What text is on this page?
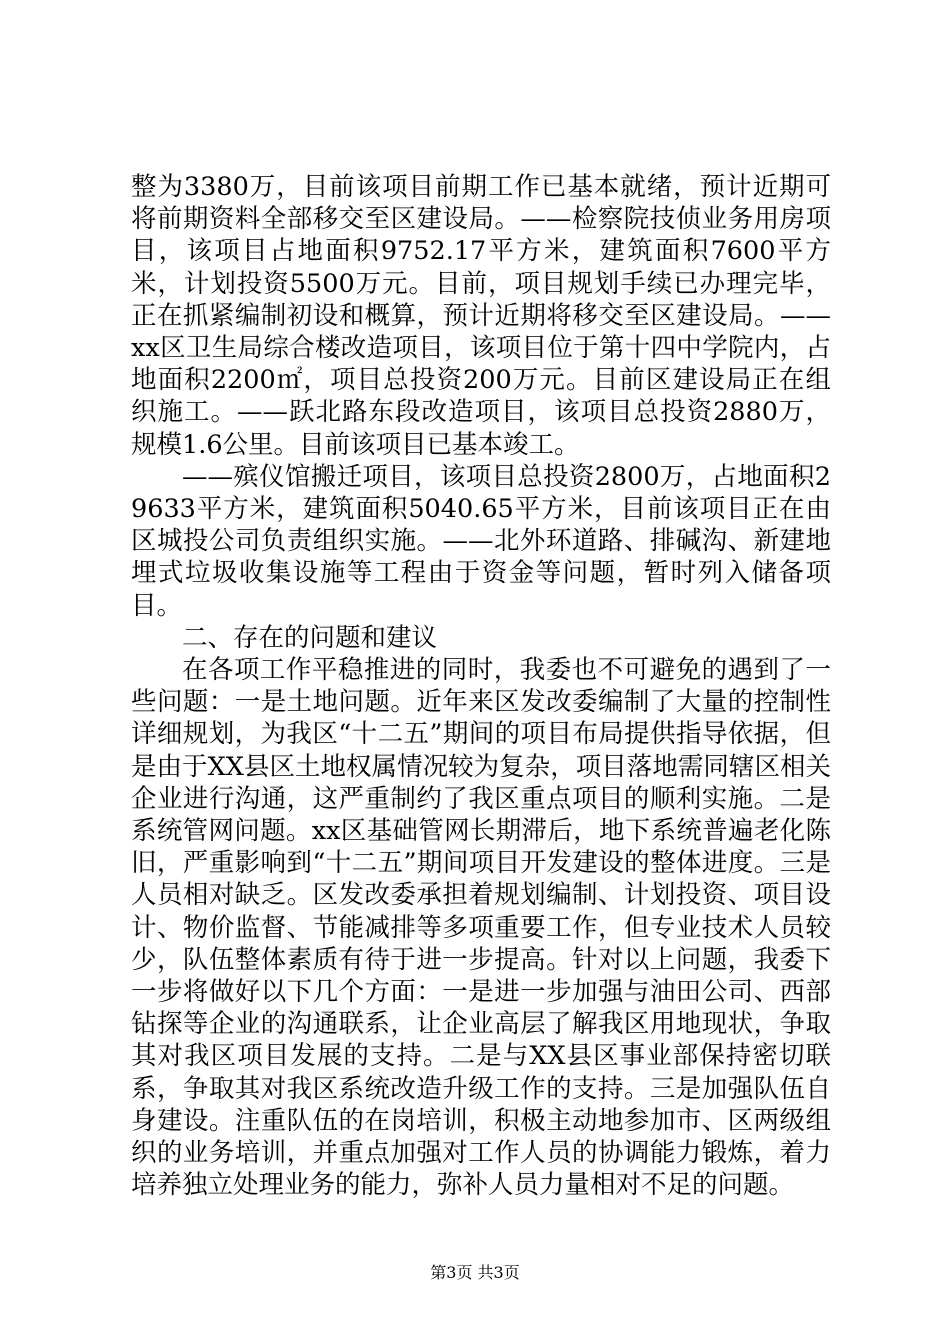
整为3380万，目前该项目前期工作已基本就绪，预计近期可将前期资料全部移交至区建设局。——检察院技侦业务用房项目，该项目占地面积9752.17平方米，建筑面积7600平方米，计划投资5500万元。目前，项目规划手续已办理完毕，正在抓紧编制初设和概算，预计近期将移交至区建设局。——xx区卫生局综合楼改造项目，该项目位于第十四中学院内，占地面积2200㎡，项目总投资200万元。目前区建设局正在组织施工。——跃北路东段改造项目，该项目总投资2880万，规模1.6公里。目前该项目已基本竣工。

——殡仪馆搬迁项目，该项目总投资2800万，占地面积29633平方米，建筑面积5040.65平方米，目前该项目正在由区城投公司负责组织实施。——北外环道路、排碱沟、新建地埋式垃圾收集设施等工程由于资金等问题，暂时列入储备项目。

二、存在的问题和建议

在各项工作平稳推进的同时，我委也不可避免的遇到了一些问题：一是土地问题。近年来区发改委编制了大量的控制性详细规划，为我区“十二五”期间的项目布局提供指导依据，但是由于XX县区土地权属情况较为复杂，项目落地需同辖区相关企业进行沟通，这严重制约了我区重点项目的顺利实施。二是系统管网问题。xx区基础管网长期滞后，地下系统普遍老化陈旧，严重影响到“十二五”期间项目开发建设的整体进度。三是人员相对缺乏。区发改委承担着规划编制、计划投资、项目设计、物价监督、节能减排等多项重要工作，但专业技术人员较少，队伍整体素质有待于进一步提高。针对以上问题，我委下一步将做好以下几个方面：一是进一步加强与油田公司、西部钻探等企业的沟通联系，让企业高层了解我区用地现状，争取其对我区项目发展的支持。二是与XX县区事业部保持密切联系，争取其对我区系统改造升级工作的支持。三是加强队伍自身建设。注重队伍的在岗培训，积极主动地参加市、区两级组织的业务培训，并重点加强对工作人员的协调能力锻炼，着力培养独立处理业务的能力，弥补人员力量相对不足的问题。

第3页 共3页
